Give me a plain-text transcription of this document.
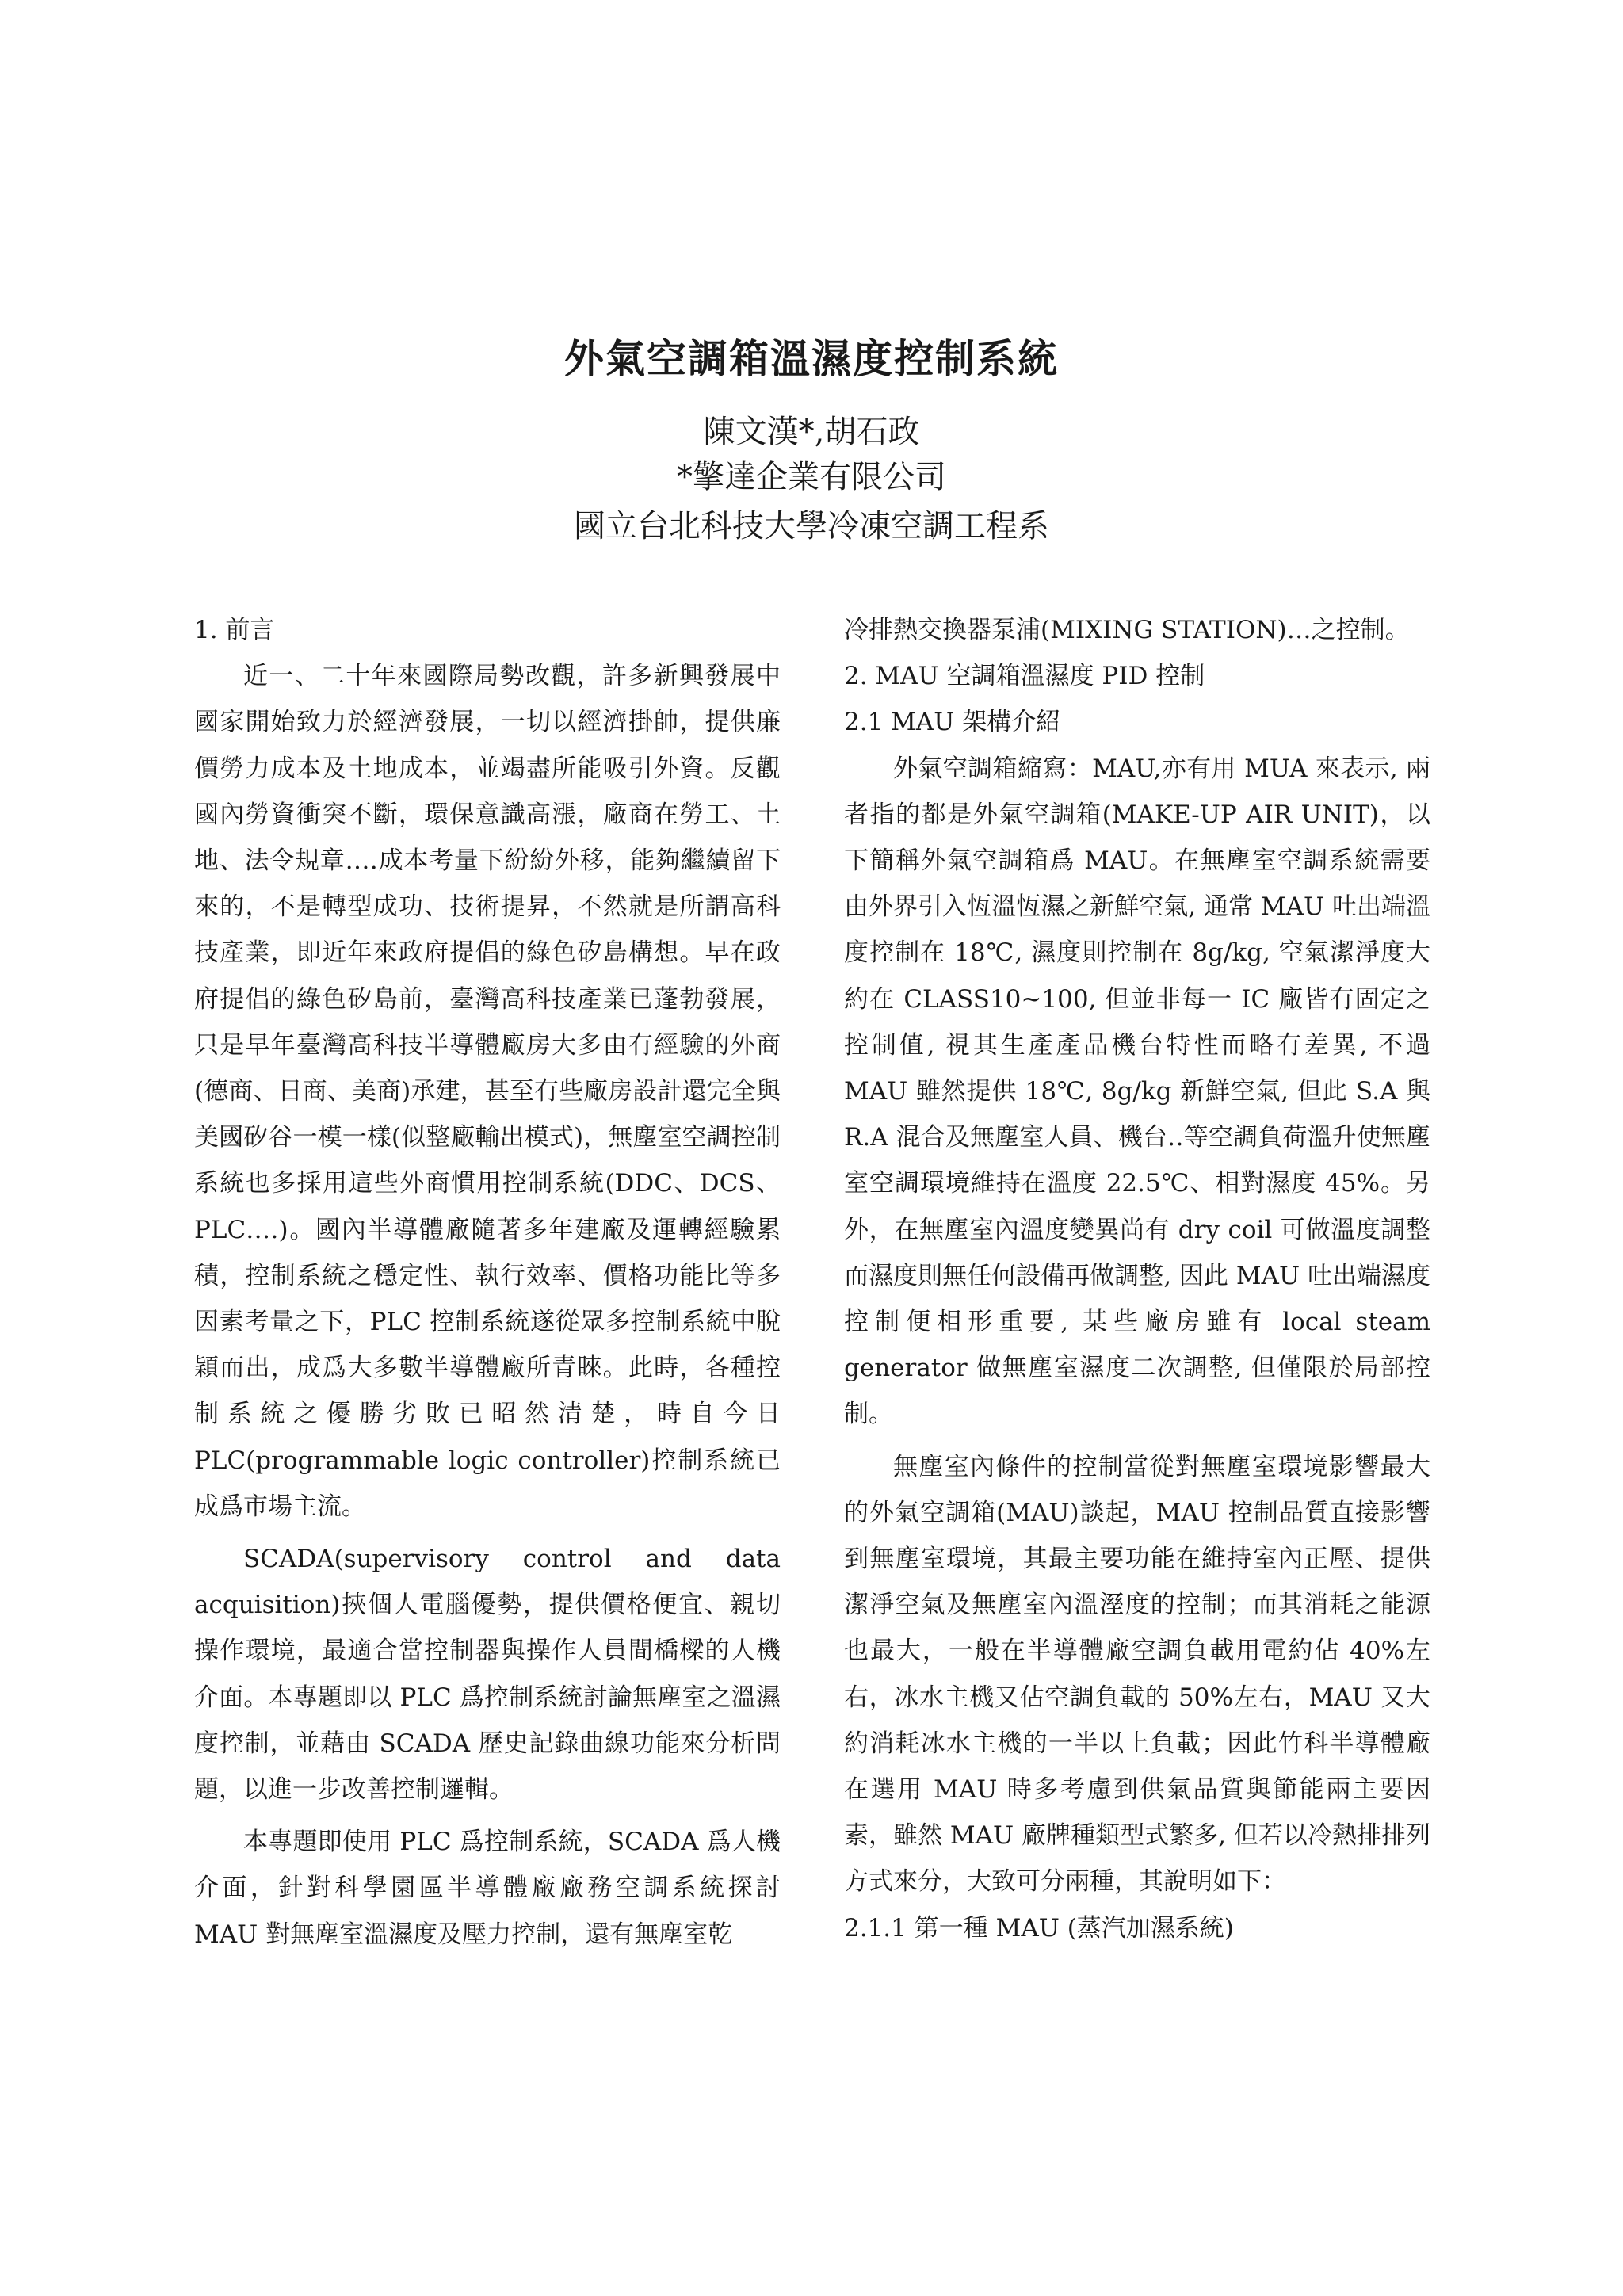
外氣空調箱溫濕度控制系統
陳文漢*,胡石政
*擎達企業有限公司
國立台北科技大學冷凍空調工程系

1. 前言

近一、二十年來國際局勢改觀，許多新興發展中國家開始致力於經濟發展，一切以經濟掛帥，提供廉價勞力成本及土地成本，並竭盡所能吸引外資。反觀國內勞資衝突不斷，環保意識高漲，廠商在勞工、土地、法令規章‥‥成本考量下紛紛外移，能夠繼續留下來的，不是轉型成功、技術提昇，不然就是所謂高科技產業，即近年來政府提倡的綠色矽島構想。早在政府提倡的綠色矽島前，臺灣高科技產業已蓬勃發展，只是早年臺灣高科技半導體廠房大多由有經驗的外商(德商、日商、美商)承建，甚至有些廠房設計還完全與美國矽谷一模一樣(似整廠輸出模式)，無塵室空調控制系統也多採用這些外商慣用控制系統(DDC、DCS、PLC‥‥)。國內半導體廠隨著多年建廠及運轉經驗累積，控制系統之穩定性、執行效率、價格功能比等多因素考量之下，PLC 控制系統遂從眾多控制系統中脫穎而出，成爲大多數半導體廠所青睞。此時，各種控制系統之優勝劣敗已昭然清楚，時自今日 PLC(programmable logic controller)控制系統已成爲市場主流。

SCADA(supervisory control and data acquisition)挾個人電腦優勢，提供價格便宜、親切操作環境，最適合當控制器與操作人員間橋樑的人機介面。本專題即以 PLC 爲控制系統討論無塵室之溫濕度控制，並藉由 SCADA 歷史記錄曲線功能來分析問題，以進一步改善控制邏輯。

本專題即使用 PLC 爲控制系統，SCADA 爲人機介面，針對科學園區半導體廠廠務空調系統探討 MAU 對無塵室溫濕度及壓力控制，還有無塵室乾

冷排熱交換器泵浦(MIXING STATION)…之控制。

2. MAU 空調箱溫濕度 PID 控制

2.1 MAU 架構介紹

外氣空調箱縮寫：MAU,亦有用 MUA 來表示, 兩者指的都是外氣空調箱(MAKE-UP AIR UNIT)，以下簡稱外氣空調箱爲 MAU。在無塵室空調系統需要由外界引入恆溫恆濕之新鮮空氣, 通常 MAU 吐出端溫度控制在 18℃, 濕度則控制在 8g/kg, 空氣潔淨度大約在 CLASS10~100, 但並非每一 IC 廠皆有固定之控制值, 視其生產產品機台特性而略有差異, 不過 MAU 雖然提供 18℃, 8g/kg 新鮮空氣, 但此 S.A 與 R.A 混合及無塵室人員、機台‥等空調負荷溫升使無塵室空調環境維持在溫度 22.5℃、相對濕度 45%。另外，在無塵室內溫度變異尚有 dry coil 可做溫度調整而濕度則無任何設備再做調整, 因此 MAU 吐出端濕度控制便相形重要, 某些廠房雖有 local steam generator 做無塵室濕度二次調整, 但僅限於局部控制。

無塵室內條件的控制當從對無塵室環境影響最大的外氣空調箱(MAU)談起，MAU 控制品質直接影響到無塵室環境，其最主要功能在維持室內正壓、提供潔淨空氣及無塵室內溫溼度的控制；而其消耗之能源也最大，一般在半導體廠空調負載用電約佔 40%左右，冰水主機又佔空調負載的 50%左右，MAU 又大約消耗冰水主機的一半以上負載；因此竹科半導體廠在選用 MAU 時多考慮到供氣品質與節能兩主要因素，雖然 MAU 廠牌種類型式繁多, 但若以冷熱排排列方式來分，大致可分兩種，其說明如下：

2.1.1 第一種 MAU (蒸汽加濕系統)
